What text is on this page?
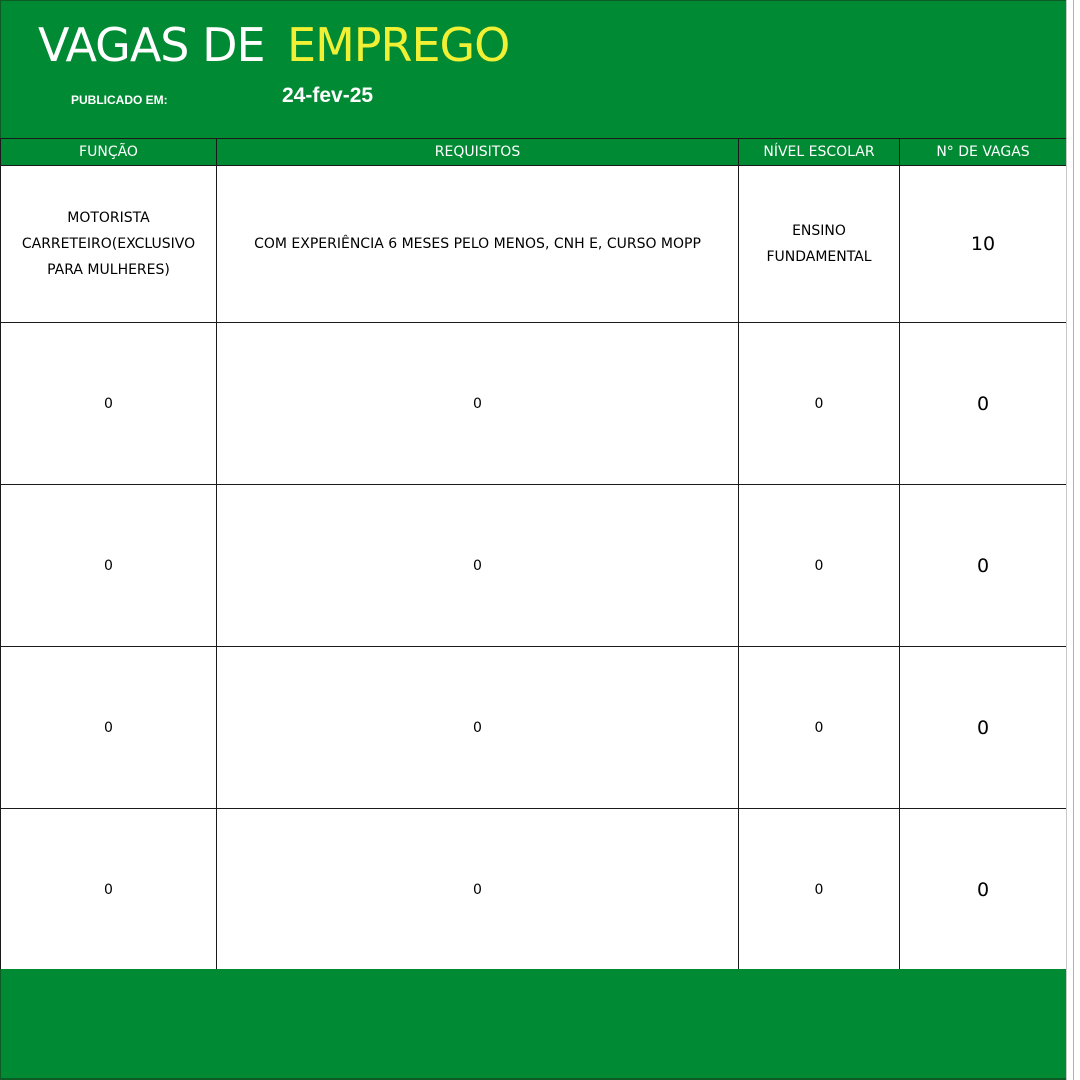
VAGAS DE EMPREGO
PUBLICADO EM:	24-fev-25
FUNÇÃO	REQUISITOS	NÍVEL ESCOLAR	N° DE VAGAS
MOTORISTA CARRETEIRO(EXCLUSIVO PARA MULHERES)	COM EXPERIÊNCIA 6 MESES PELO MENOS, CNH E, CURSO MOPP	ENSINO FUNDAMENTAL	10
0	0	0	0
0	0	0	0
0	0	0	0
0	0	0	0
